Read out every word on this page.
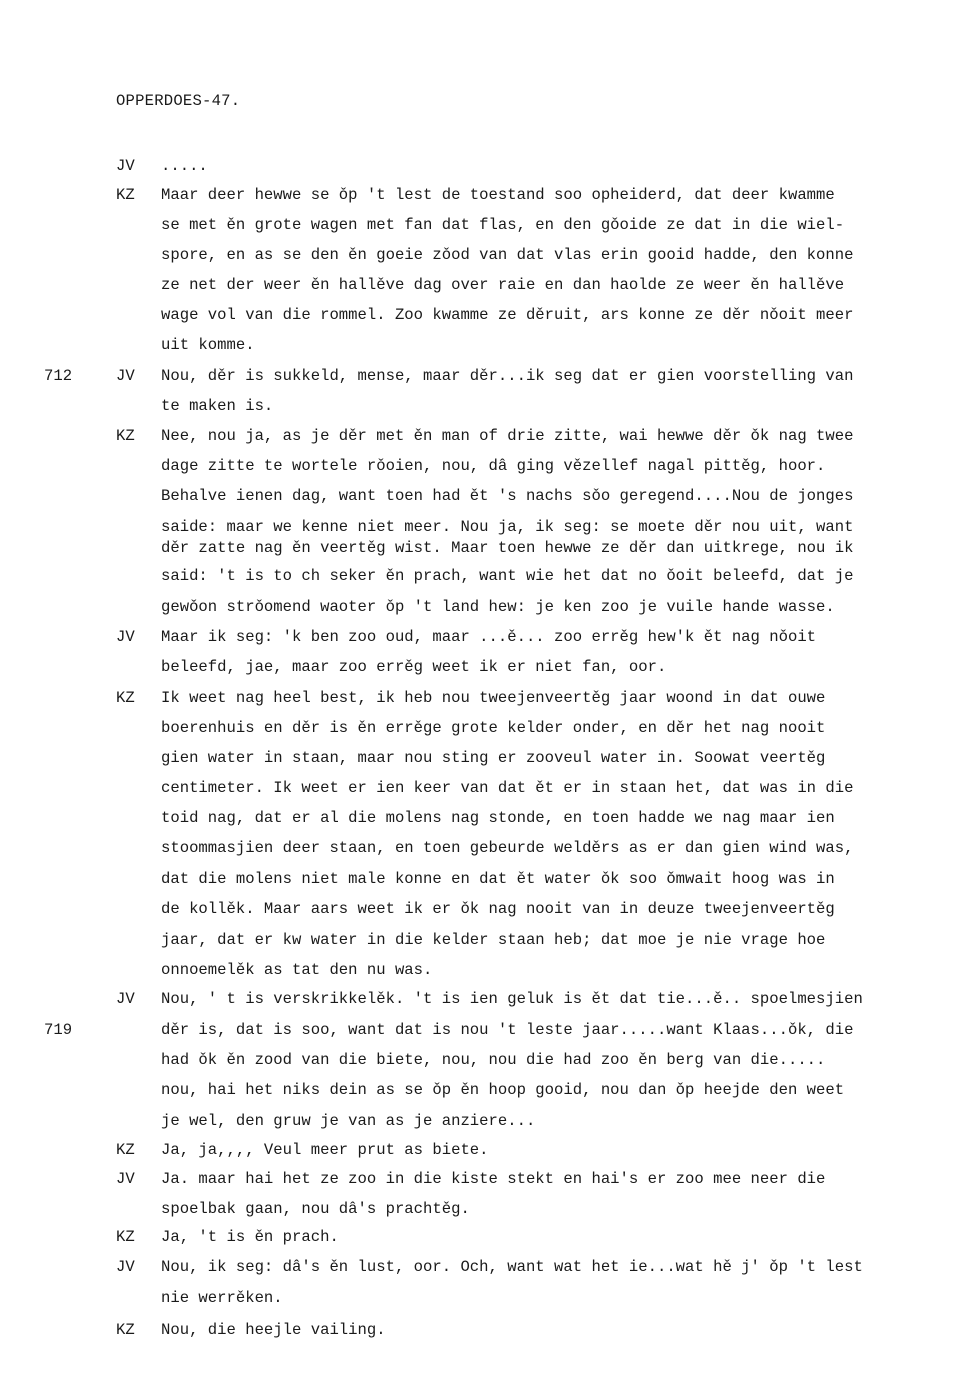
OPPERDOES-47.
JV .....
KZ Maar deer hewwe se ǒp 't lest de toestand soo opheiderd, dat deer kwamme
se met ěn grote wagen met fan dat flas, en den gǒoide ze dat in die wiel-
spore, en as se den ěn goeie zǒod van dat vlas erin gooid hadde, den konne
ze net der weer ěn hallěve dag over raie en dan haolde ze weer ěn hallěve
wage vol van die rommel. Zoo kwamme ze děruit, ars konne ze děr nǒoit meer
uit komme.
712	JV Nou, děr is sukkeld, mense, maar děr...ik seg dat er gien voorstelling van
te maken is.
KZ Nee, nou ja, as je děr met ěn man of drie zitte, wai hewwe děr ǒk nag twee
dage zitte te wortele rǒoien, nou, dâ ging vězellef nagal pittěg, hoor.
Behalve ienen dag, want toen had ět 's nachs sǒo geregend....Nou de jonges
saide: maar we kenne niet meer. Nou ja, ik seg: se moete děr nou uit, want
děr zatte nag ěn veertěg wist. Maar toen hewwe ze děr dan uitkrege, nou ik
said: 't is to ch seker ěn prach, want wie het dat no ǒoit beleefd, dat je
gewǒon strǒomend waoter ǒp 't land hew: je ken zoo je vuile hande wasse.
JV Maar ik seg: 'k ben zoo oud, maar ...ě... zoo errěg hew'k ět nag nǒoit
beleefd, jae, maar zoo errěg weet ik er niet fan, oor.
KZ Ik weet nag heel best, ik heb nou tweejenveertěg jaar woond in dat ouwe
boerenhuis en děr is ěn errěge grote kelder onder, en děr het nag nooit
gien water in staan, maar nou sting er zooveul water in. Soowat veertěg
centimeter. Ik weet er ien keer van dat ět er in staan het, dat was in die
toid nag, dat er al die molens nag stonde, en toen hadde we nag maar ien
stoommasjien deer staan, en toen gebeurde welděrs as er dan gien wind was,
dat die molens niet male konne en dat ět water ǒk soo ǒmwait hoog was in
de kollěk. Maar aars weet ik er ǒk nag nooit van in deuze tweejenveertěg
jaar, dat er kw water in die kelder staan heb; dat moe je nie vrage hoe
onnoemelěk as tat den nu was.
JV Nou, ' t is verskrikkelěk. 't is ien geluk is ět dat tie...ě.. spoelmesjien
719	děr is, dat is soo, want dat is nou 't leste jaar.....want Klaas...ǒk, die
had ǒk ěn zood van die biete, nou, nou die had zoo ěn berg van die.....
nou, hai het niks dein as se ǒp ěn hoop gooid, nou dan ǒp heejde den weet
je wel, den gruw je van as je anziere...
KZ Ja, ja,,,, Veul meer prut as biete.
JV Ja. maar hai het ze zoo in die kiste stekt en hai's er zoo mee neer die
spoelbak gaan, nou dâ's prachtěg.
KZ Ja, 't is ěn prach.
JV Nou, ik seg: dâ's ěn lust, oor. Och, want wat het ie...wat hě j' ǒp 't lest
nie werrěken.
KZ Nou, die heejle vailing.
